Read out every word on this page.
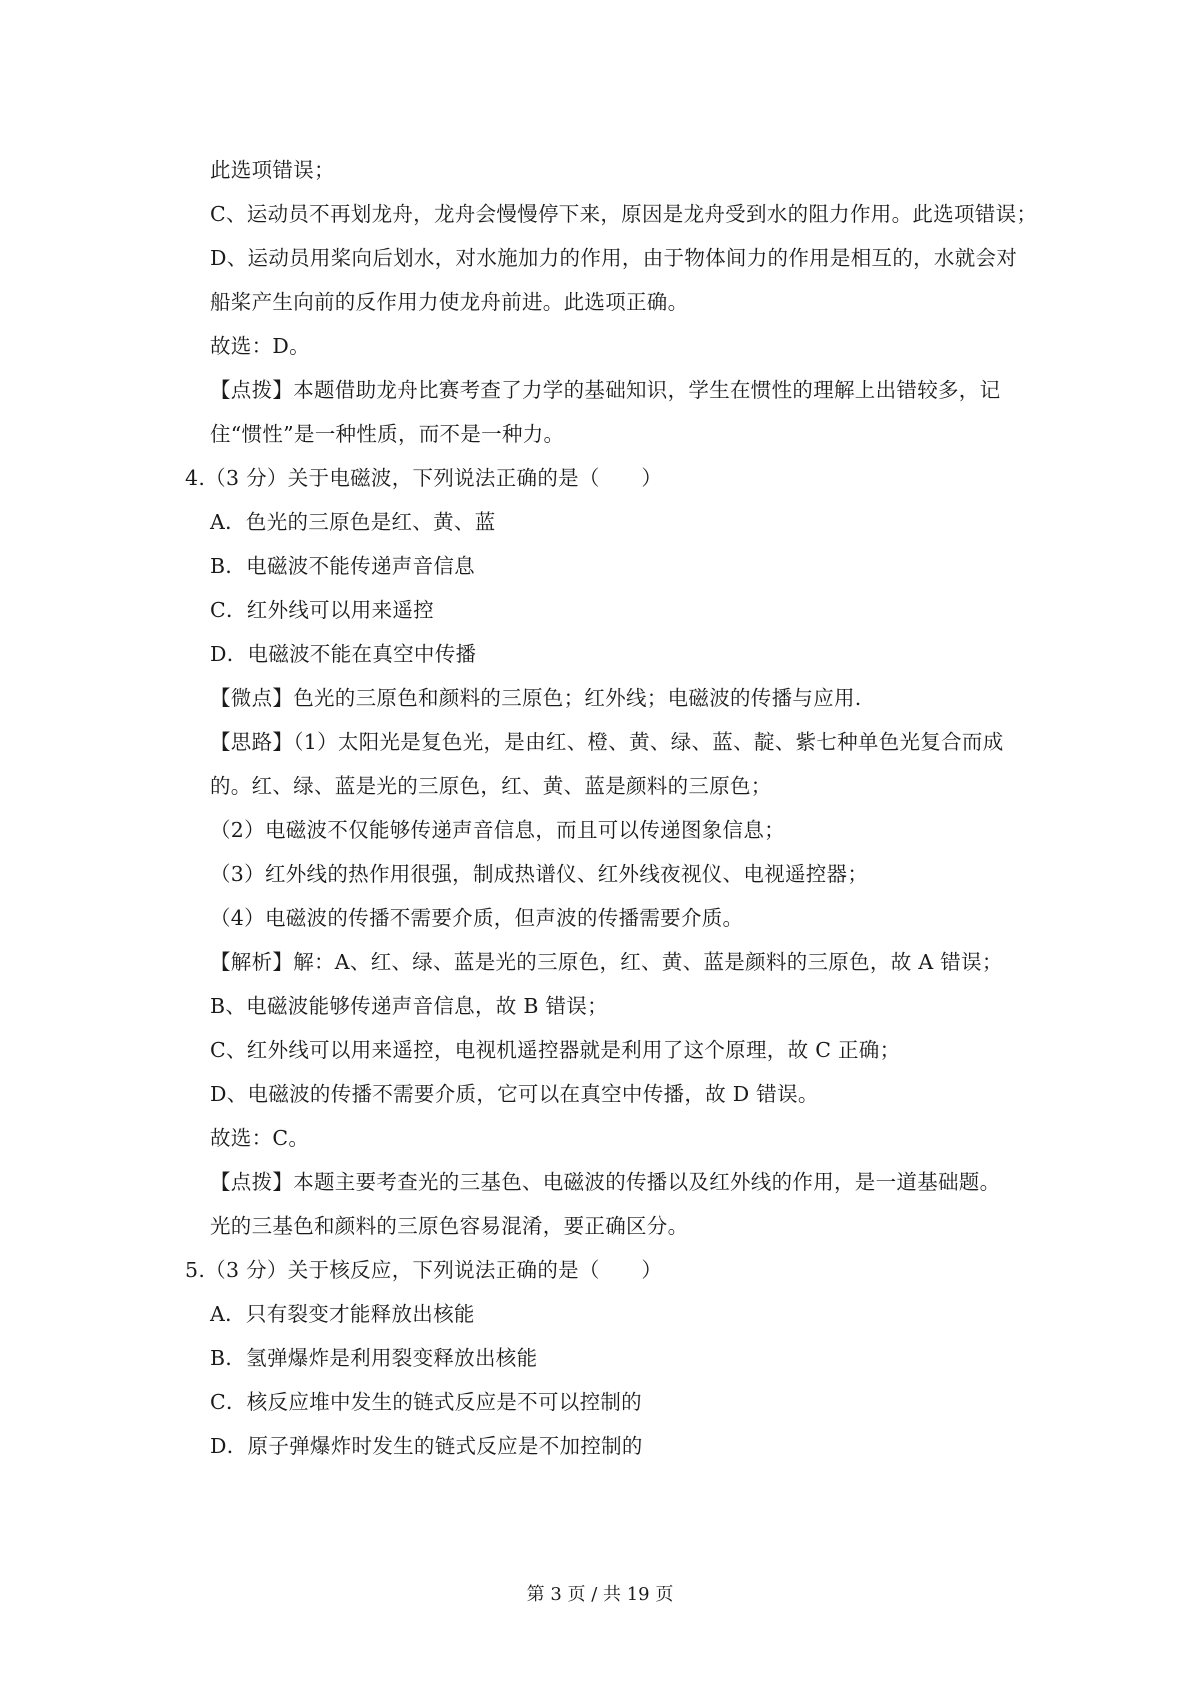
此选项错误；
C、运动员不再划龙舟，龙舟会慢慢停下来，原因是龙舟受到水的阻力作用。此选项错误；
D、运动员用桨向后划水，对水施加力的作用，由于物体间力的作用是相互的，水就会对
船桨产生向前的反作用力使龙舟前进。此选项正确。
故选：D。
【点拨】本题借助龙舟比赛考查了力学的基础知识，学生在惯性的理解上出错较多，记
住“惯性”是一种性质，而不是一种力。
4.（3 分）关于电磁波，下列说法正确的是（　　）
A．色光的三原色是红、黄、蓝
B．电磁波不能传递声音信息
C．红外线可以用来遥控
D．电磁波不能在真空中传播
【微点】色光的三原色和颜料的三原色；红外线；电磁波的传播与应用.
【思路】（1）太阳光是复色光，是由红、橙、黄、绿、蓝、靛、紫七种单色光复合而成
的。红、绿、蓝是光的三原色，红、黄、蓝是颜料的三原色；
（2）电磁波不仅能够传递声音信息，而且可以传递图象信息；
（3）红外线的热作用很强，制成热谱仪、红外线夜视仪、电视遥控器；
（4）电磁波的传播不需要介质，但声波的传播需要介质。
【解析】解：A、红、绿、蓝是光的三原色，红、黄、蓝是颜料的三原色，故 A 错误；
B、电磁波能够传递声音信息，故 B 错误；
C、红外线可以用来遥控，电视机遥控器就是利用了这个原理，故 C 正确；
D、电磁波的传播不需要介质，它可以在真空中传播，故 D 错误。
故选：C。
【点拨】本题主要考查光的三基色、电磁波的传播以及红外线的作用，是一道基础题。
光的三基色和颜料的三原色容易混淆，要正确区分。
5.（3 分）关于核反应，下列说法正确的是（　　）
A．只有裂变才能释放出核能
B．氢弹爆炸是利用裂变释放出核能
C．核反应堆中发生的链式反应是不可以控制的
D．原子弹爆炸时发生的链式反应是不加控制的
第 3 页 / 共 19 页
